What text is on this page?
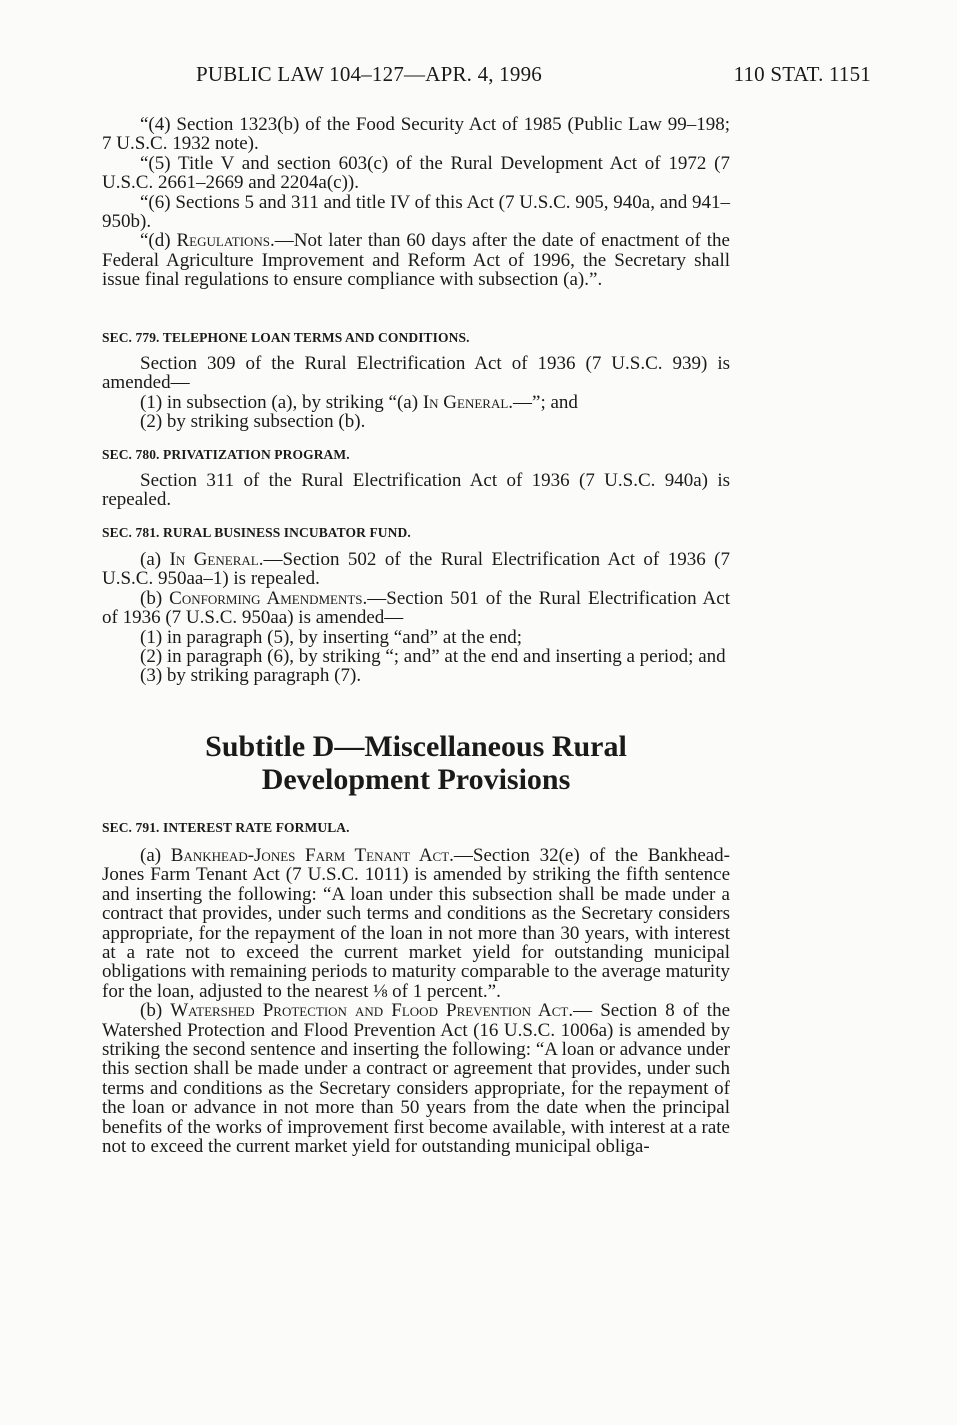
PUBLIC LAW 104–127—APR. 4, 1996	110 STAT. 1151

“(4) Section 1323(b) of the Food Security Act of 1985 (Public Law 99–198; 7 U.S.C. 1932 note).

“(5) Title V and section 603(c) of the Rural Development Act of 1972 (7 U.S.C. 2661–2669 and 2204a(c)).

“(6) Sections 5 and 311 and title IV of this Act (7 U.S.C. 905, 940a, and 941–950b).

“(d) Regulations.—Not later than 60 days after the date of enactment of the Federal Agriculture Improvement and Reform Act of 1996, the Secretary shall issue final regulations to ensure compliance with subsection (a).”.

SEC. 779. TELEPHONE LOAN TERMS AND CONDITIONS.

Section 309 of the Rural Electrification Act of 1936 (7 U.S.C. 939) is amended—

(1) in subsection (a), by striking “(a) In General.—”; and

(2) by striking subsection (b).

SEC. 780. PRIVATIZATION PROGRAM.

Section 311 of the Rural Electrification Act of 1936 (7 U.S.C. 940a) is repealed.

SEC. 781. RURAL BUSINESS INCUBATOR FUND.

(a) In General.—Section 502 of the Rural Electrification Act of 1936 (7 U.S.C. 950aa–1) is repealed.

(b) Conforming Amendments.—Section 501 of the Rural Electrification Act of 1936 (7 U.S.C. 950aa) is amended—

(1) in paragraph (5), by inserting “and” at the end;

(2) in paragraph (6), by striking “; and” at the end and inserting a period; and

(3) by striking paragraph (7).

Subtitle D—Miscellaneous Rural
Development Provisions
SEC. 791. INTEREST RATE FORMULA.

(a) Bankhead-Jones Farm Tenant Act.—Section 32(e) of the Bankhead-Jones Farm Tenant Act (7 U.S.C. 1011) is amended by striking the fifth sentence and inserting the following: “A loan under this subsection shall be made under a contract that provides, under such terms and conditions as the Secretary considers appropriate, for the repayment of the loan in not more than 30 years, with interest at a rate not to exceed the current market yield for outstanding municipal obligations with remaining periods to maturity comparable to the average maturity for the loan, adjusted to the nearest ⅛ of 1 percent.”.

(b) Watershed Protection and Flood Prevention Act.— Section 8 of the Watershed Protection and Flood Prevention Act (16 U.S.C. 1006a) is amended by striking the second sentence and inserting the following: “A loan or advance under this section shall be made under a contract or agreement that provides, under such terms and conditions as the Secretary considers appropriate, for the repayment of the loan or advance in not more than 50 years from the date when the principal benefits of the works of improvement first become available, with interest at a rate not to exceed the current market yield for outstanding municipal obliga-
